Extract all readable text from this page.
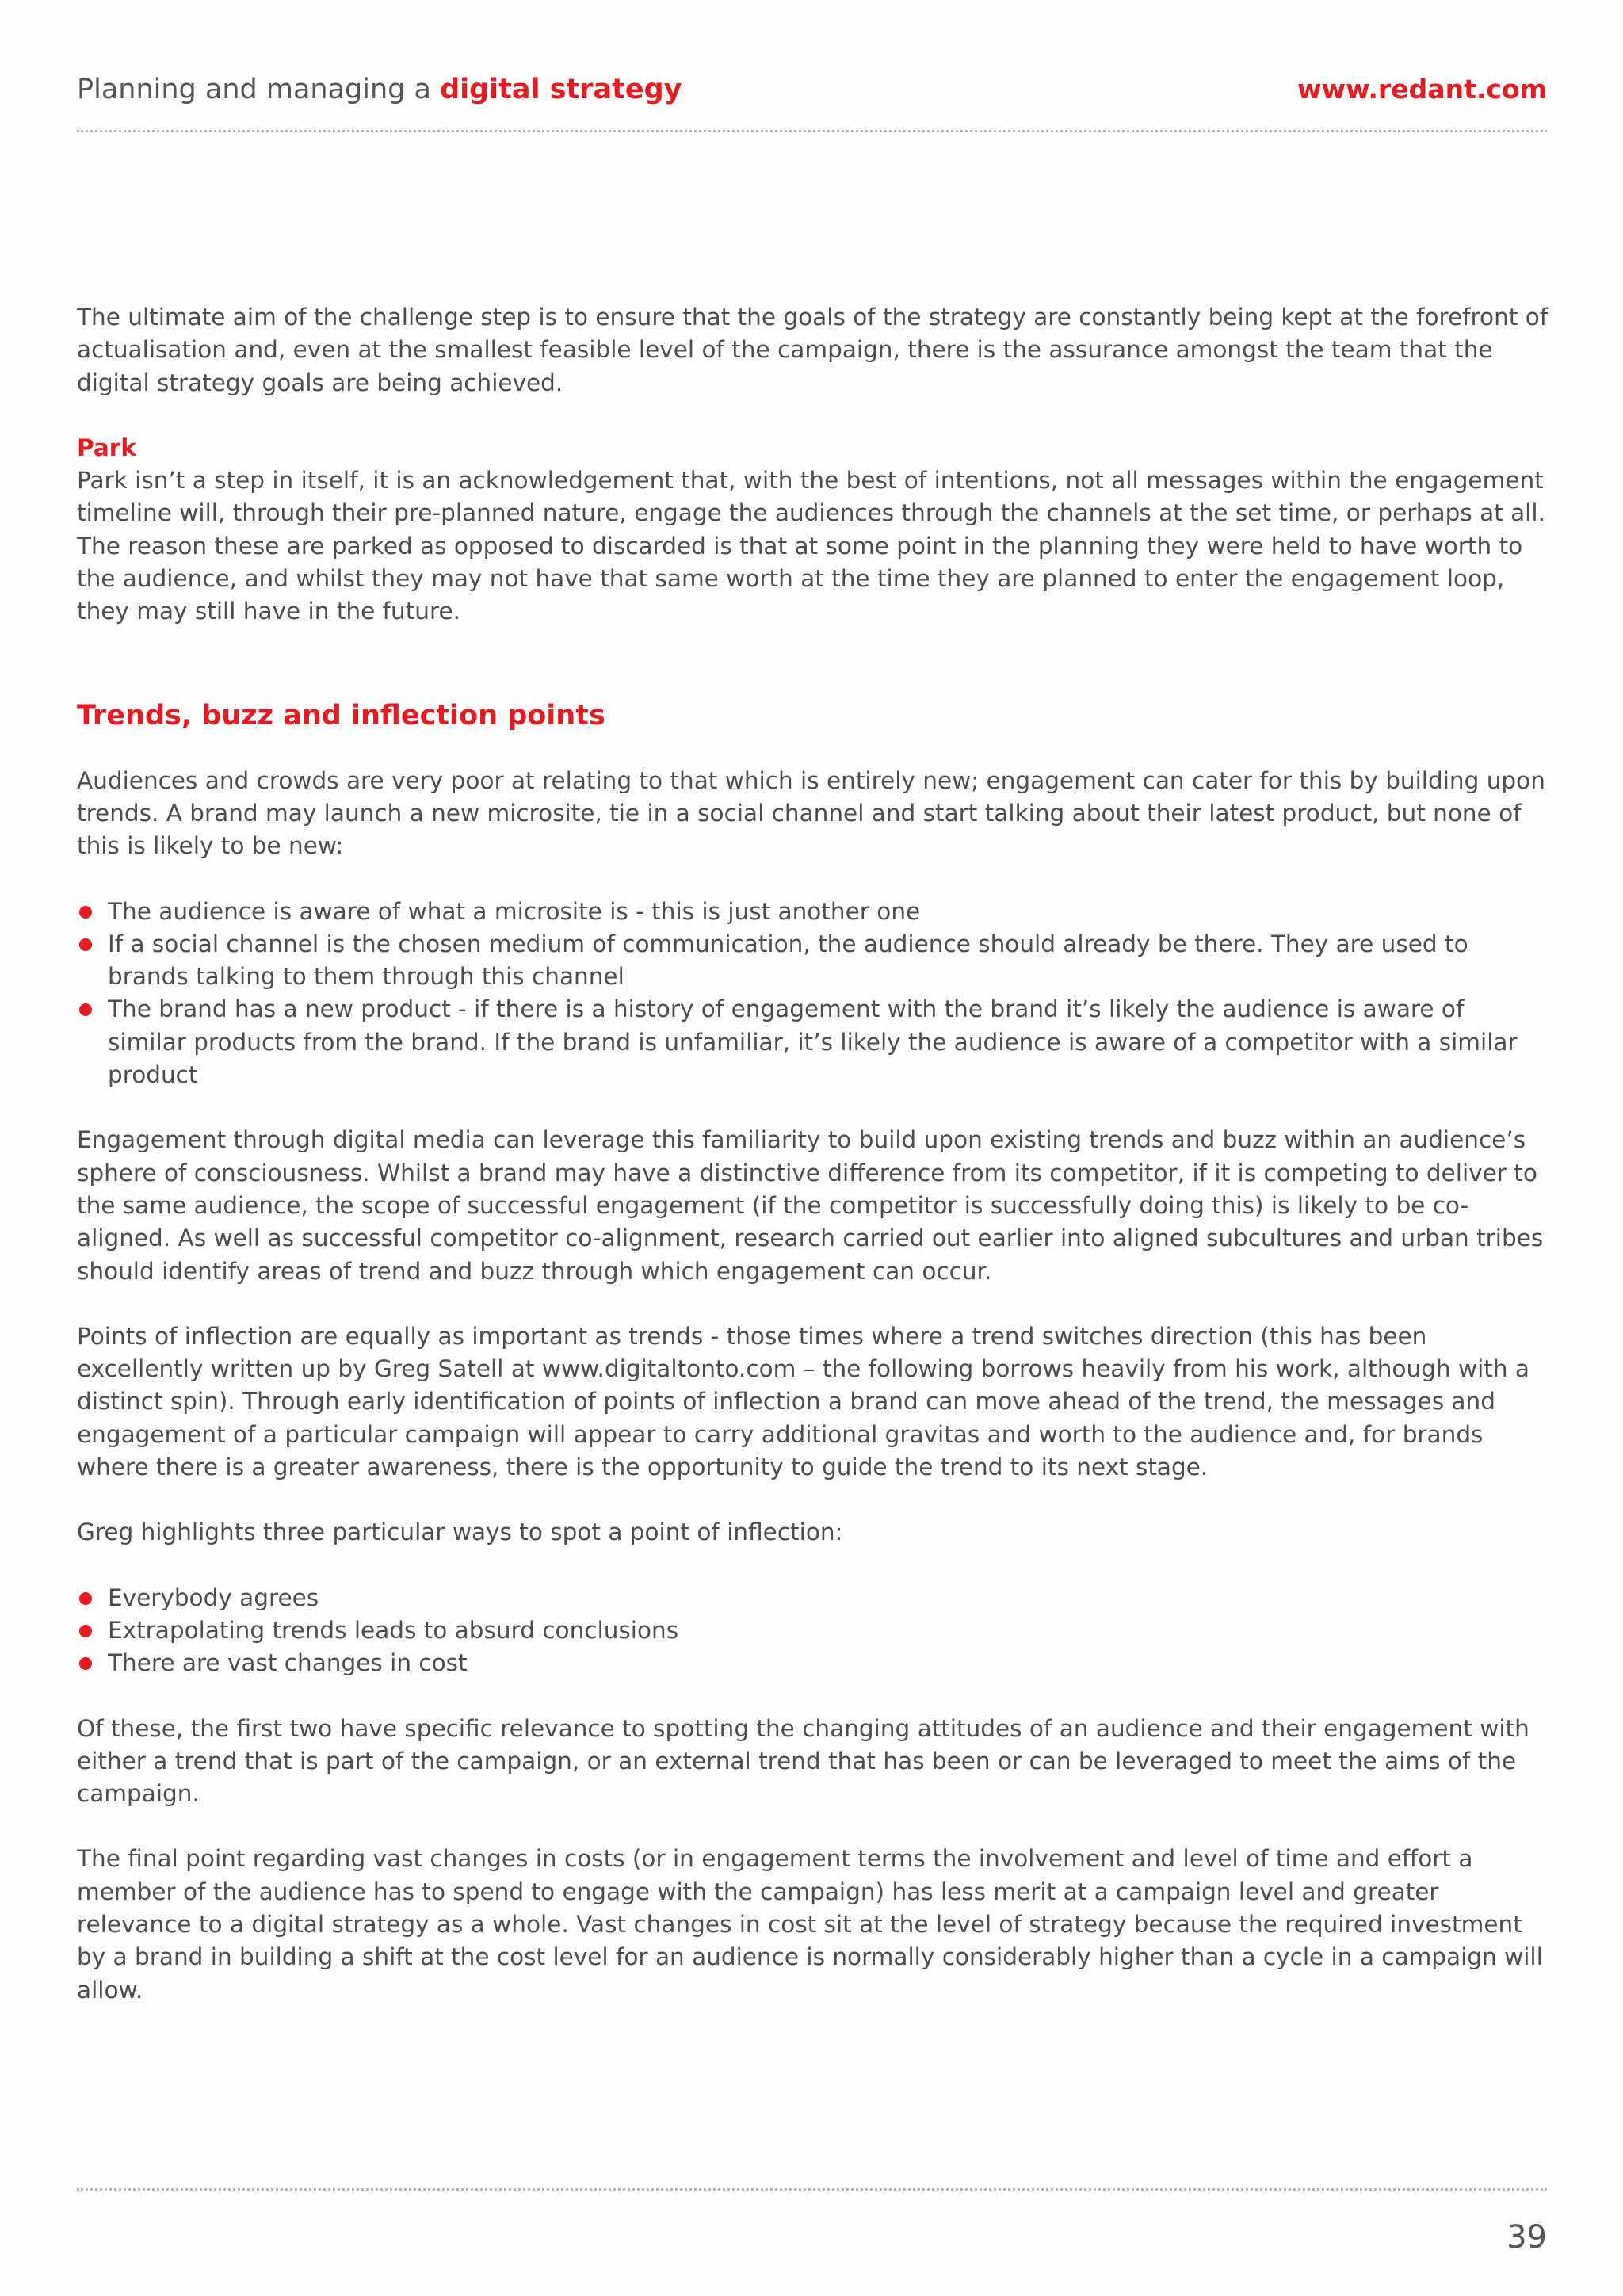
Planning and managing a digital strategy	www.redant.com

The ultimate aim of the challenge step is to ensure that the goals of the strategy are constantly being kept at the forefront of actualisation and, even at the smallest feasible level of the campaign, there is the assurance amongst the team that the digital strategy goals are being achieved.

Park

Park isn’t a step in itself, it is an acknowledgement that, with the best of intentions, not all messages within the engagement timeline will, through their pre-planned nature, engage the audiences through the channels at the set time, or perhaps at all. The reason these are parked as opposed to discarded is that at some point in the planning they were held to have worth to the audience, and whilst they may not have that same worth at the time they are planned to enter the engagement loop, they may still have in the future.

Trends, buzz and inflection points

Audiences and crowds are very poor at relating to that which is entirely new; engagement can cater for this by building upon trends. A brand may launch a new microsite, tie in a social channel and start talking about their latest product, but none of this is likely to be new:

The audience is aware of what a microsite is - this is just another one
If a social channel is the chosen medium of communication, the audience should already be there. They are used to brands talking to them through this channel
The brand has a new product - if there is a history of engagement with the brand it’s likely the audience is aware of similar products from the brand. If the brand is unfamiliar, it’s likely the audience is aware of a competitor with a similar product

Engagement through digital media can leverage this familiarity to build upon existing trends and buzz within an audience’s sphere of consciousness. Whilst a brand may have a distinctive difference from its competitor, if it is competing to deliver to the same audience, the scope of successful engagement (if the competitor is successfully doing this) is likely to be co-aligned. As well as successful competitor co-alignment, research carried out earlier into aligned subcultures and urban tribes should identify areas of trend and buzz through which engagement can occur.

Points of inflection are equally as important as trends - those times where a trend switches direction (this has been excellently written up by Greg Satell at www.digitaltonto.com – the following borrows heavily from his work, although with a distinct spin). Through early identification of points of inflection a brand can move ahead of the trend, the messages and engagement of a particular campaign will appear to carry additional gravitas and worth to the audience and, for brands where there is a greater awareness, there is the opportunity to guide the trend to its next stage.

Greg highlights three particular ways to spot a point of inflection:

Everybody agrees
Extrapolating trends leads to absurd conclusions
There are vast changes in cost

Of these, the first two have specific relevance to spotting the changing attitudes of an audience and their engagement with either a trend that is part of the campaign, or an external trend that has been or can be leveraged to meet the aims of the campaign.

The final point regarding vast changes in costs (or in engagement terms the involvement and level of time and effort a member of the audience has to spend to engage with the campaign) has less merit at a campaign level and greater relevance to a digital strategy as a whole. Vast changes in cost sit at the level of strategy because the required investment by a brand in building a shift at the cost level for an audience is normally considerably higher than a cycle in a campaign will allow.

39
